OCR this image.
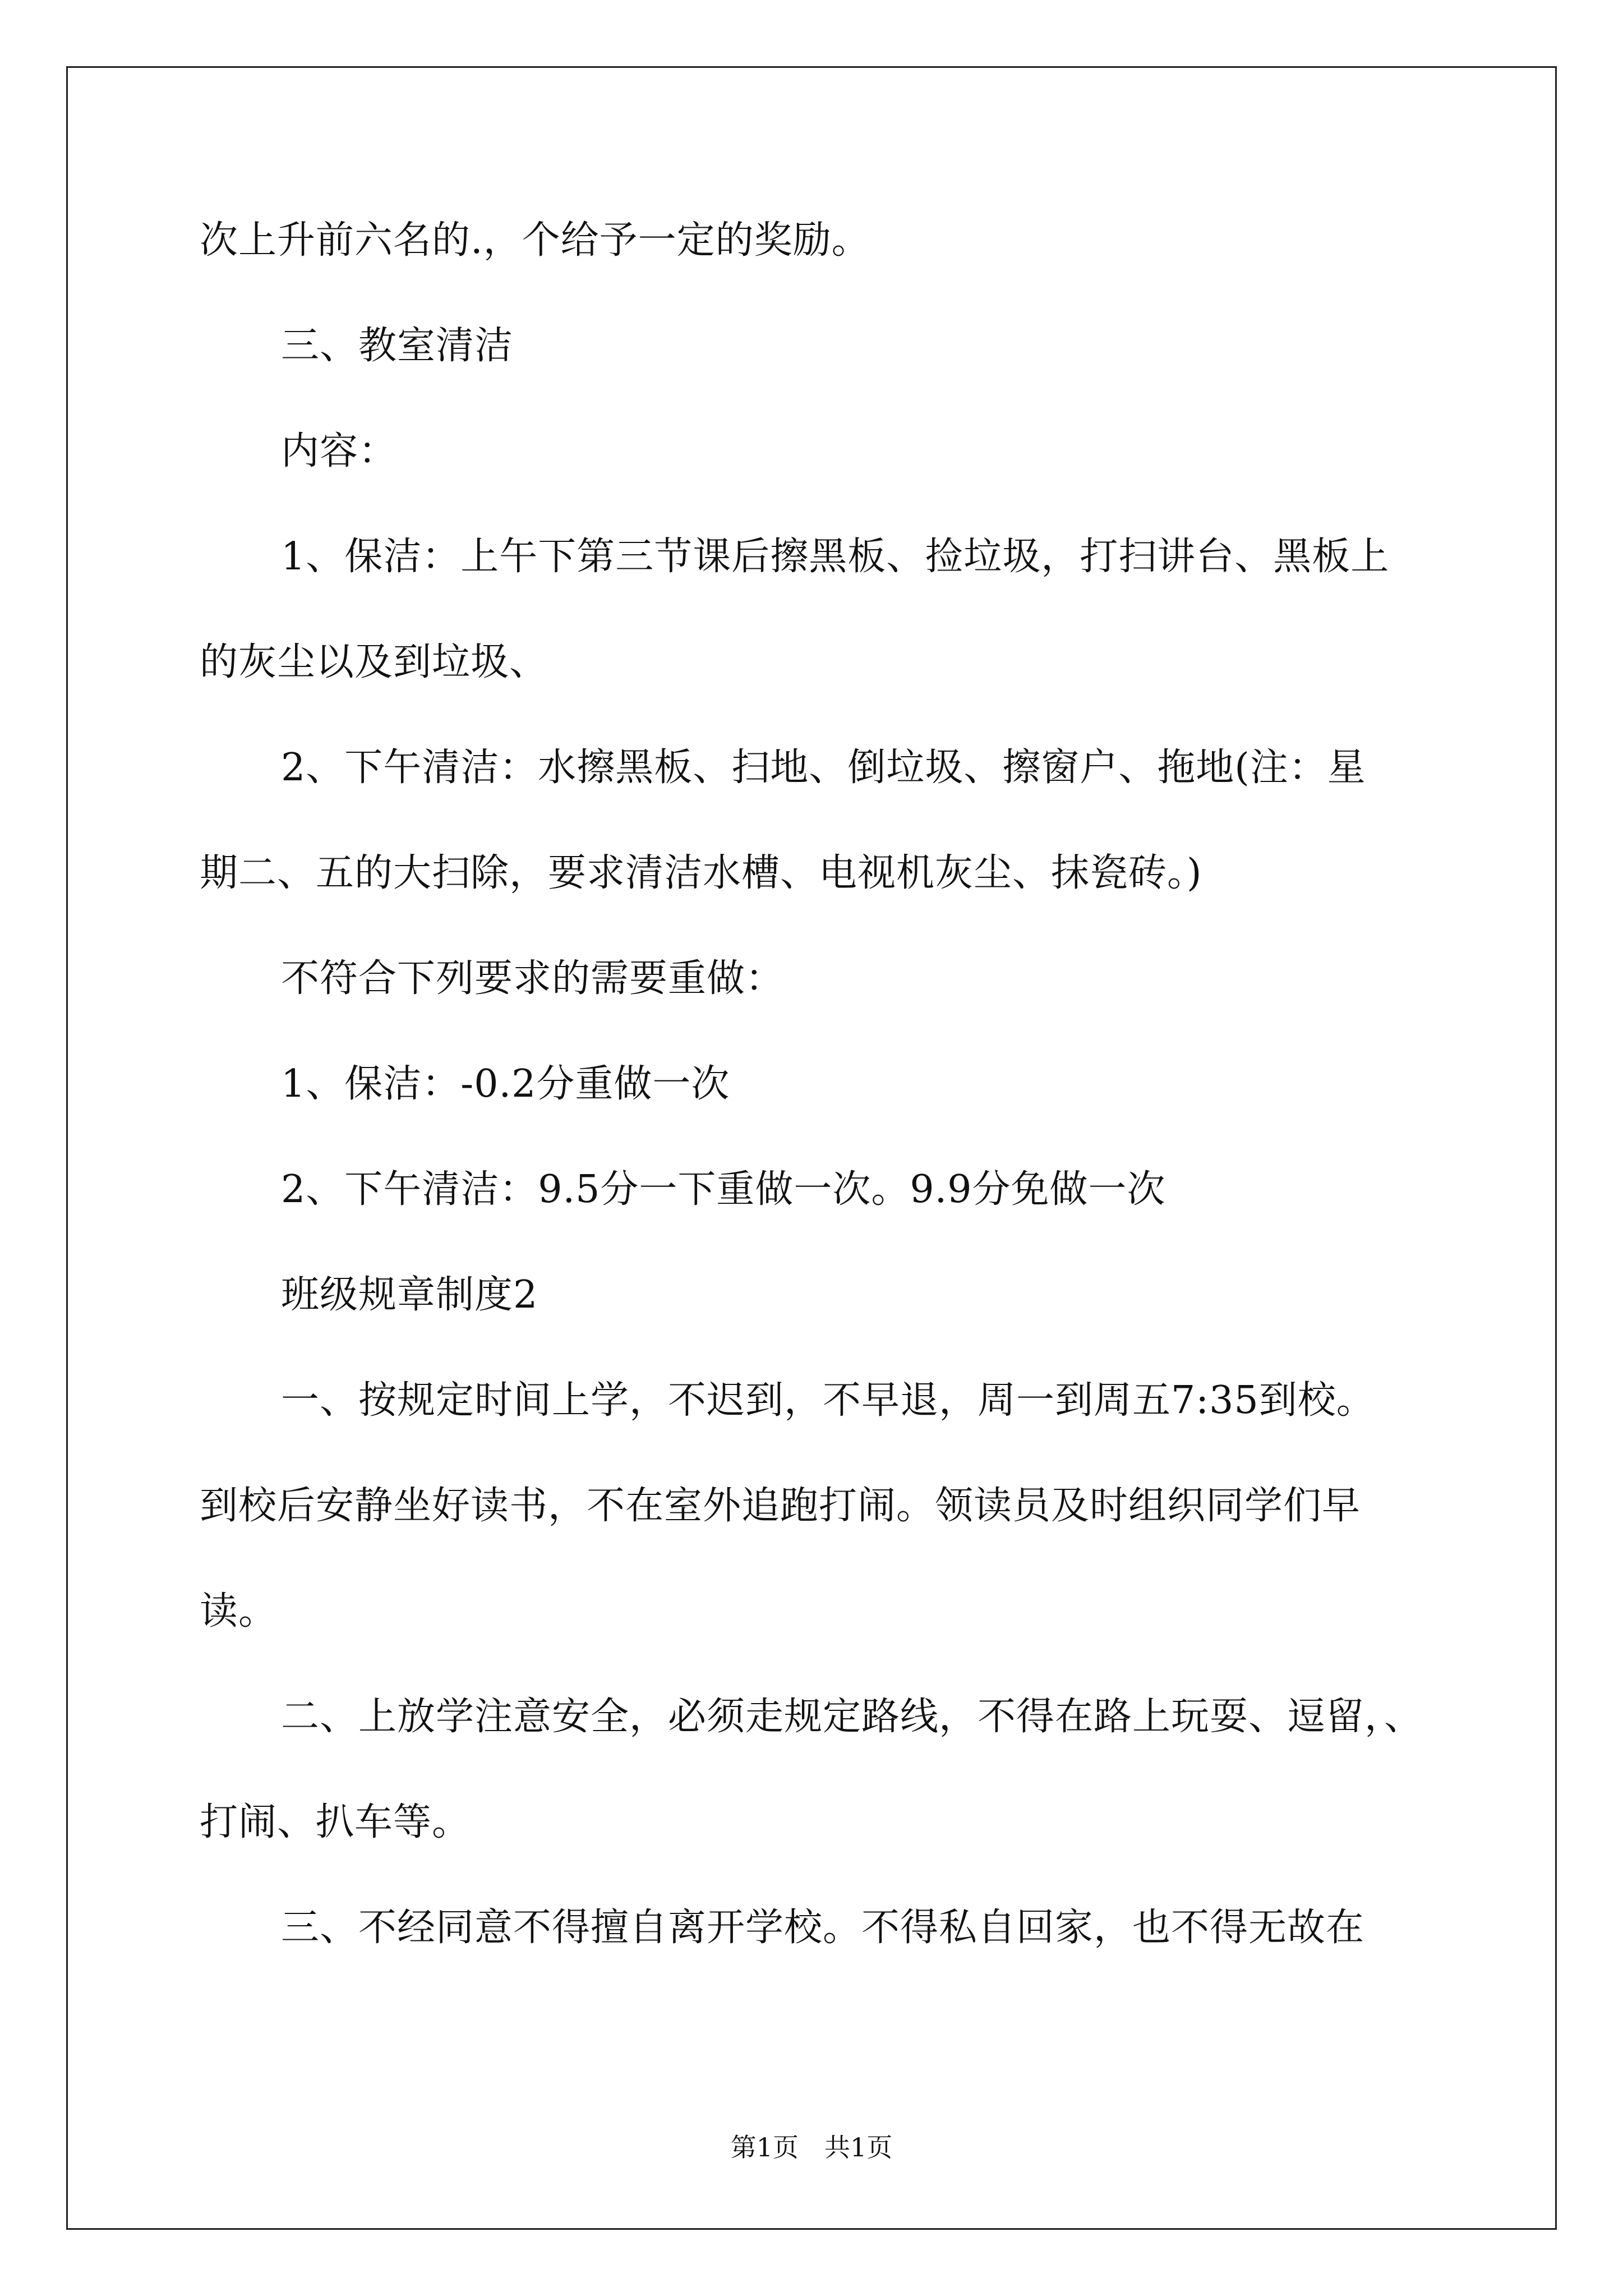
次上升前六名的.，个给予一定的奖励。
三、教室清洁
内容：
1、保洁：上午下第三节课后擦黑板、捡垃圾，打扫讲台、黑板上
的灰尘以及到垃圾、
2、下午清洁：水擦黑板、扫地、倒垃圾、擦窗户、拖地(注：星
期二、五的大扫除，要求清洁水槽、电视机灰尘、抹瓷砖。)
不符合下列要求的需要重做：
1、保洁：-0.2分重做一次
2、下午清洁：9.5分一下重做一次。9.9分免做一次
班级规章制度2
一、按规定时间上学，不迟到，不早退，周一到周五7:35到校。
到校后安静坐好读书，不在室外追跑打闹。领读员及时组织同学们早
读。
二、上放学注意安全，必须走规定路线，不得在路上玩耍、逗留，、
打闹、扒车等。
三、不经同意不得擅自离开学校。不得私自回家，也不得无故在
第1页　共1页
